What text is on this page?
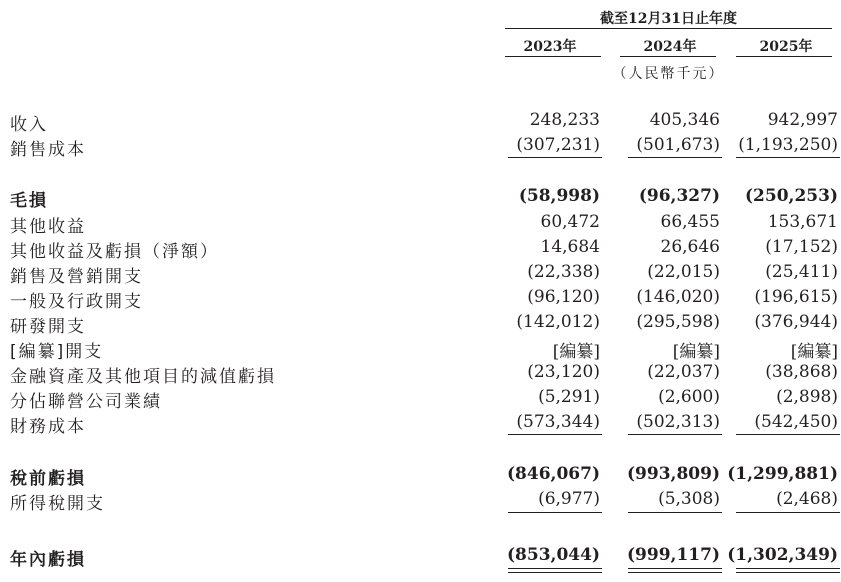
截至12月31日止年度
2023年	2024年	2025年
（人民幣千元）
收入	248,233	405,346	942,997
銷售成本	(307,231) (501,673) (1,193,250)
毛損	(58,998) (96,327) (250,253)
其他收益	60,472	66,455	153,671
其他收益及虧損（淨額）	14,684	26,646	(17,152)
銷售及營銷開支	(22,338)	(22,015)	(25,411)
一般及行政開支	(96,120) (146,020) (196,615)
研發開支	(142,012) (295,598) (376,944)
[編纂]開支	[編纂]	[編纂]	[編纂]
金融資產及其他項目的減值虧損	(23,120)	(22,037)	(38,868)
分佔聯營公司業績	(5,291)	(2,600)	(2,898)
財務成本	(573,344) (502,313) (542,450)
稅前虧損	(846,067) (993,809) (1,299,881)
所得稅開支	(6,977)	(5,308)	(2,468)
年內虧損	(853,044) (999,117) (1,302,349)
